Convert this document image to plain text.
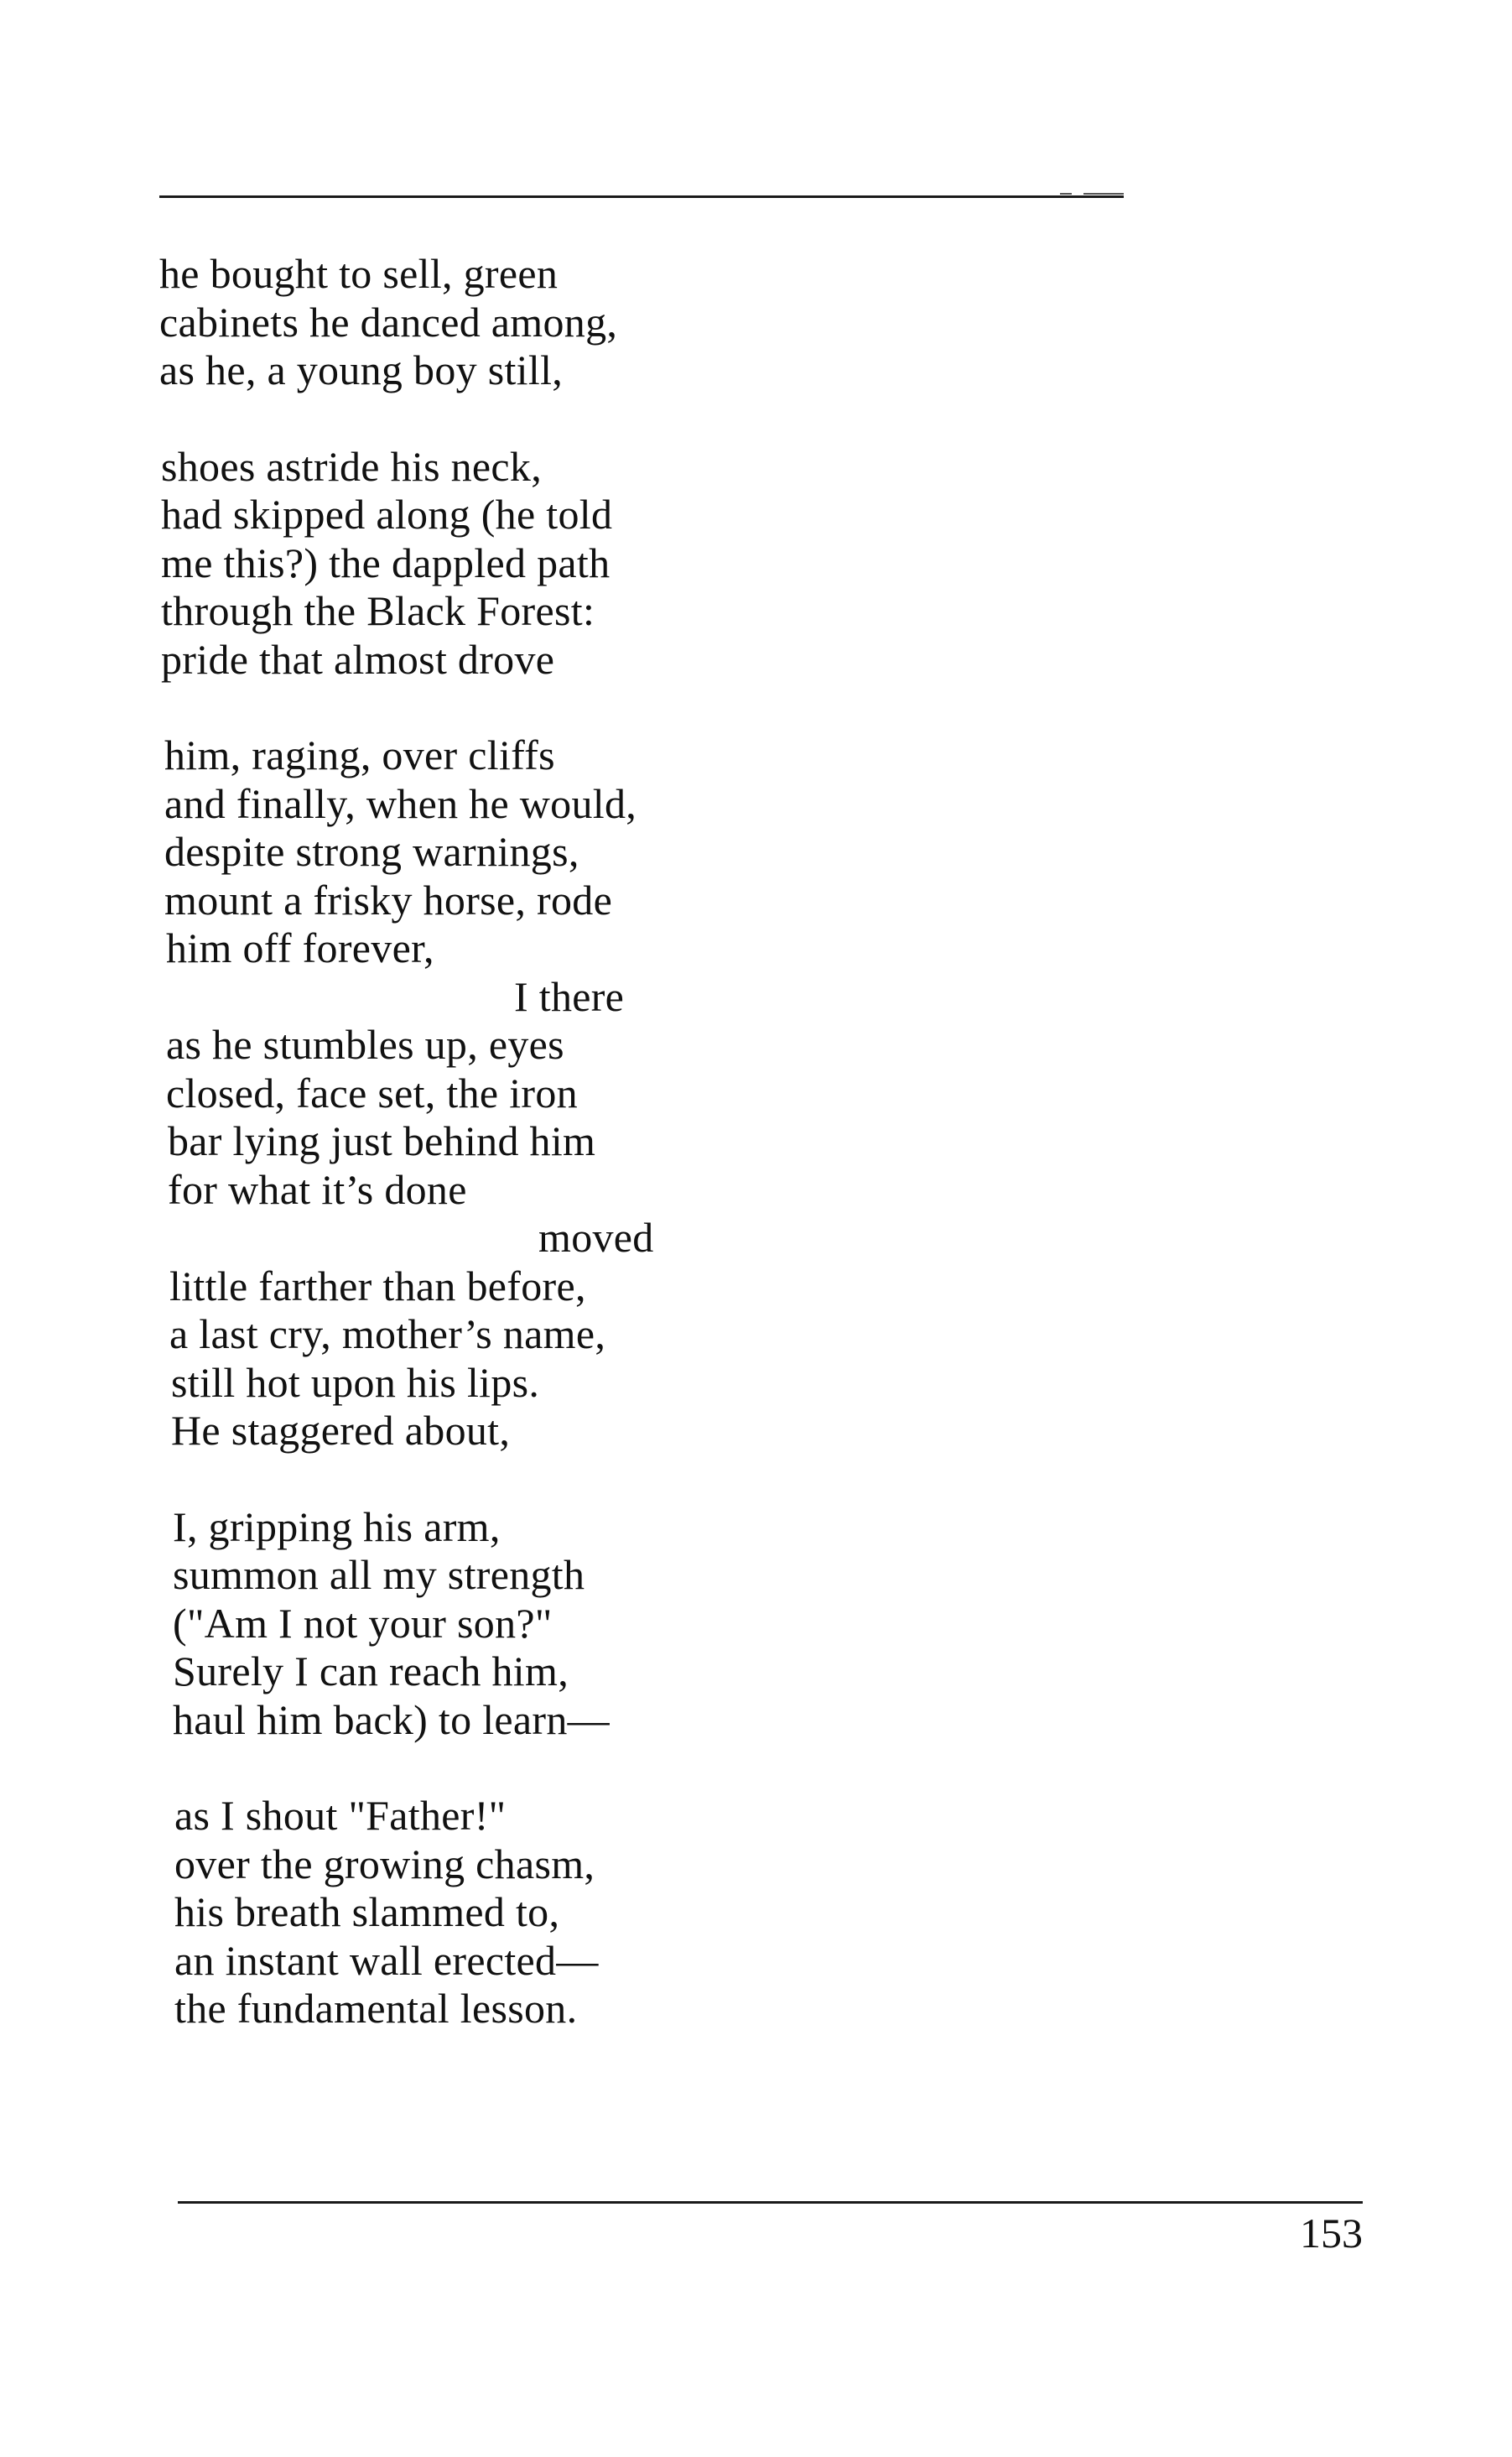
he bought to sell, green
cabinets he danced among,
as he, a young boy still,
shoes astride his neck,
had skipped along (he told
me this?) the dappled path
through the Black Forest:
pride that almost drove
him, raging, over cliffs
and finally, when he would,
despite strong warnings,
mount a frisky horse, rode
him off forever,
I there
as he stumbles up, eyes
closed, face set, the iron
bar lying just behind him
for what it’s done
moved
little farther than before,
a last cry, mother’s name,
still hot upon his lips.
He staggered about,
I, gripping his arm,
summon all my strength
("Am I not your son?"
Surely I can reach him,
haul him back) to learn—
as I shout "Father!"
over the growing chasm,
his breath slammed to,
an instant wall erected—
the fundamental lesson.
153
